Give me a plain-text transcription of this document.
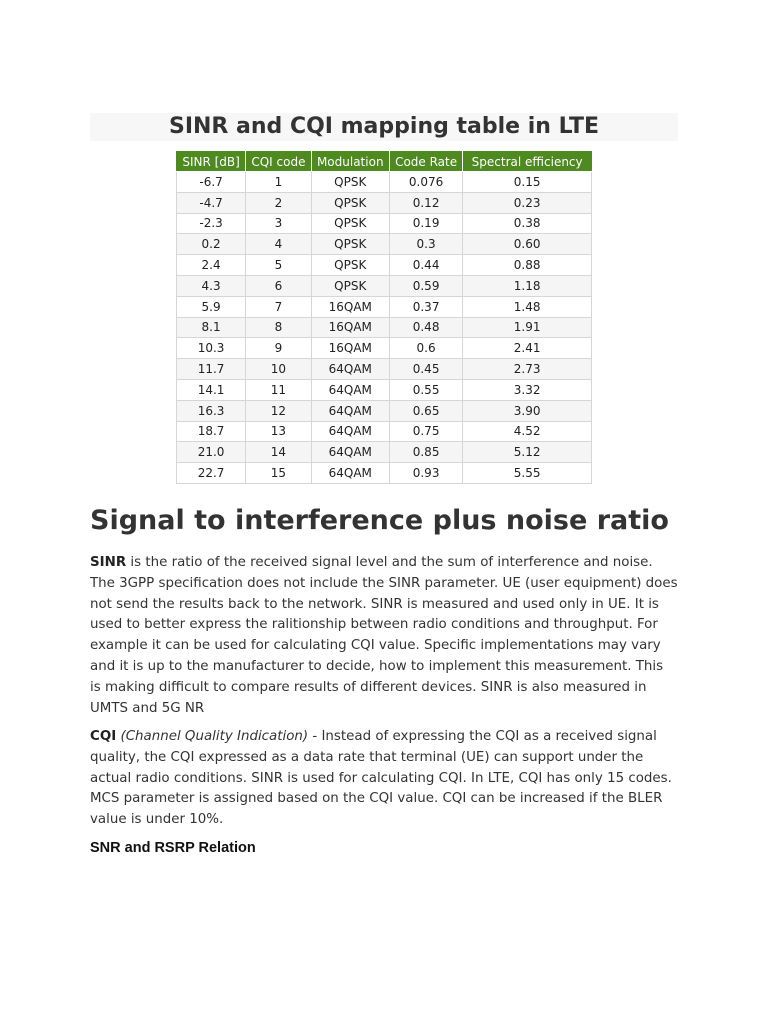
SINR and CQI mapping table in LTE
SINR [dB]	CQI code	Modulation	Code Rate	Spectral efficiency
-6.7	1	QPSK	0.076	0.15
-4.7	2	QPSK	0.12	0.23
-2.3	3	QPSK	0.19	0.38
0.2	4	QPSK	0.3	0.60
2.4	5	QPSK	0.44	0.88
4.3	6	QPSK	0.59	1.18
5.9	7	16QAM	0.37	1.48
8.1	8	16QAM	0.48	1.91
10.3	9	16QAM	0.6	2.41
11.7	10	64QAM	0.45	2.73
14.1	11	64QAM	0.55	3.32
16.3	12	64QAM	0.65	3.90
18.7	13	64QAM	0.75	4.52
21.0	14	64QAM	0.85	5.12
22.7	15	64QAM	0.93	5.55
Signal to interference plus noise ratio

SINR is the ratio of the received signal level and the sum of interference and noise. The 3GPP specification does not include the SINR parameter. UE (user equipment) does not send the results back to the network. SINR is measured and used only in UE. It is used to better express the ralitionship between radio conditions and throughput. For example it can be used for calculating CQI value. Specific implementations may vary and it is up to the manufacturer to decide, how to implement this measurement. This is making difficult to compare results of different devices. SINR is also measured in UMTS and 5G NR

CQI (Channel Quality Indication) - Instead of expressing the CQI as a received signal quality, the CQI expressed as a data rate that terminal (UE) can support under the actual radio conditions. SINR is used for calculating CQI. In LTE, CQI has only 15 codes. MCS parameter is assigned based on the CQI value. CQI can be increased if the BLER value is under 10%.

SNR and RSRP Relation
